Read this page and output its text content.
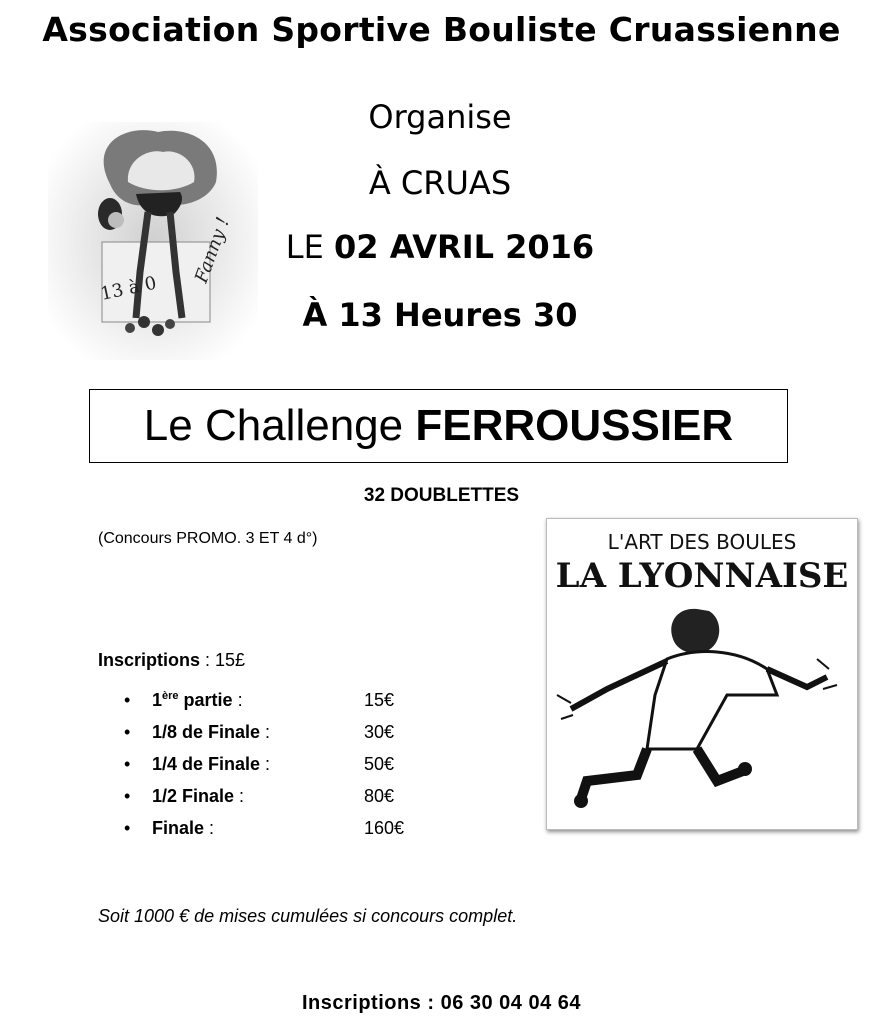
Association Sportive Bouliste Cruassienne
Organise
À CRUAS
LE 02 AVRIL 2016
À 13 Heures 30
Fanny !
13 à 0
Le Challenge
FERROUSSIER
32 DOUBLETTES
(Concours PROMO. 3 ET 4 d°)	L'ART DES BOULES
LA LYONNAISE
Inscriptions : 15£
• 1ère partie :	15€
• 1/8 de Finale :	30€
• 1/4 de Finale :	50€
• 1/2 Finale :	80€
• Finale :	160€
Soit 1000 € de mises cumulées si concours complet.
Inscriptions : 06 30 04 04 64
